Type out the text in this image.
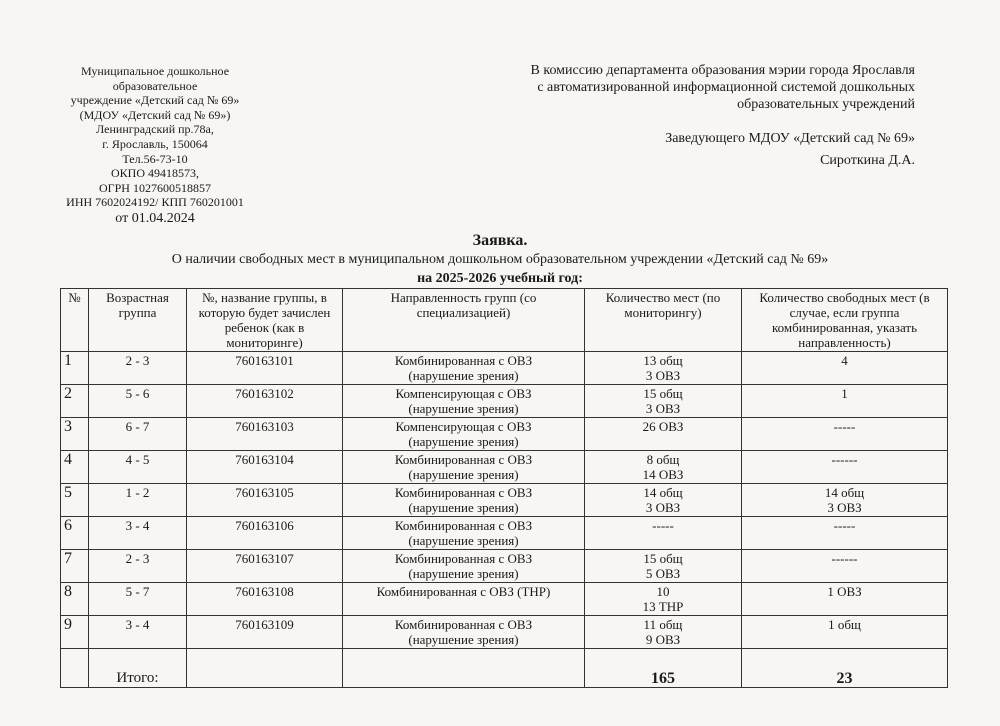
Муниципальное дошкольное
образовательное
учреждение «Детский сад № 69»
(МДОУ «Детский сад № 69»)
Ленинградский пр.78а,
г. Ярославль, 150064
Тел.56-73-10
ОКПО 49418573,
ОГРН 1027600518857
ИНН 7602024192/ КПП 760201001
от 01.04.2024
В комиссию департамента образования мэрии города Ярославля
с автоматизированной информационной системой дошкольных
образовательных учреждений
Заведующего МДОУ «Детский сад № 69»
Сироткина Д.А.
Заявка.
О наличии свободных мест в муниципальном дошкольном образовательном учреждении «Детский сад № 69»
на 2025-2026 учебный год:
№	Возрастная группа	№, название группы, в которую будет зачислен ребенок (как в мониторинге)	Направленность групп (со специализацией)	Количество мест (по мониторингу)	Количество свободных мест (в случае, если группа комбинированная, указать направленность)
1	2 - 3	760163101	Комбинированная с ОВЗ
(нарушение зрения)	13 общ
3 ОВЗ	4
2	5 - 6	760163102	Компенсирующая с ОВЗ
(нарушение зрения)	15 общ
3 ОВЗ	1
3	6 - 7	760163103	Компенсирующая с ОВЗ
(нарушение зрения)	26 ОВЗ	-----
4	4 - 5	760163104	Комбинированная с ОВЗ
(нарушение зрения)	8 общ
14 ОВЗ	------
5	1 - 2	760163105	Комбинированная с ОВЗ
(нарушение зрения)	14 общ
3 ОВЗ	14 общ
3 ОВЗ
6	3 - 4	760163106	Комбинированная с ОВЗ
(нарушение зрения)	-----	-----
7	2 - 3	760163107	Комбинированная с ОВЗ
(нарушение зрения)	15 общ
5 ОВЗ	------
8	5 - 7	760163108	Комбинированная с ОВЗ (ТНР)	10
13 ТНР	1 ОВЗ
9	3 - 4	760163109	Комбинированная с ОВЗ
(нарушение зрения)	11 общ
9 ОВЗ	1 общ
	Итого:			165	23
